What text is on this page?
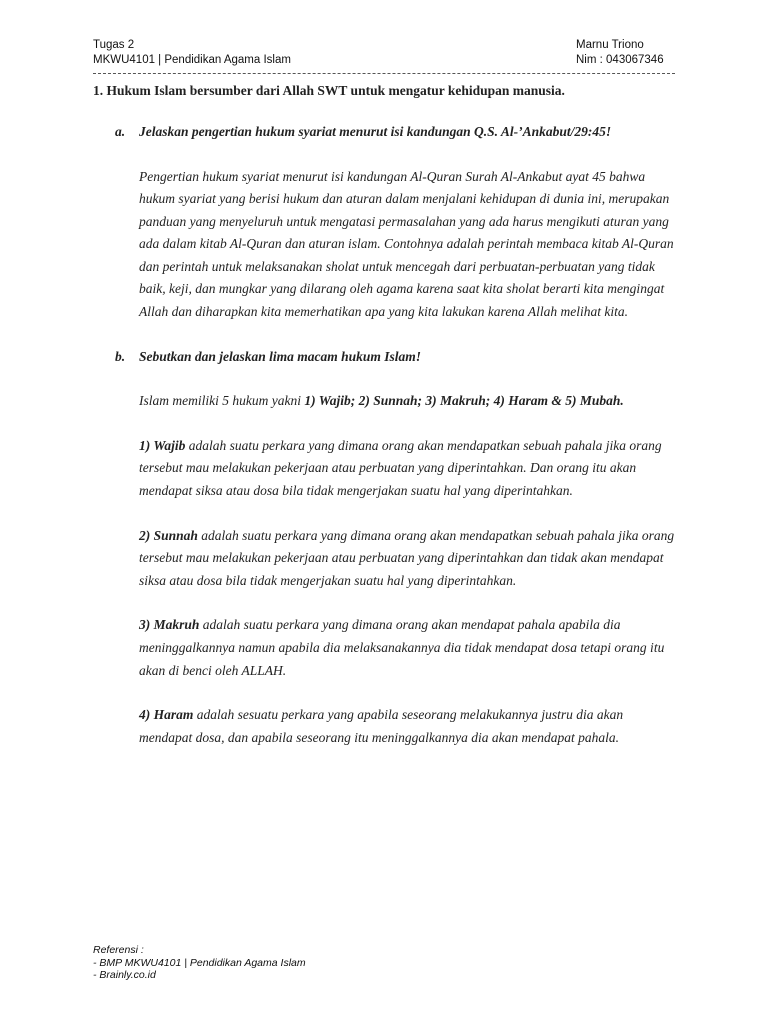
Tugas 2	Marnu Triono
MKWU4101 | Pendidikan Agama Islam	Nim : 043067346
1. Hukum Islam bersumber dari Allah SWT untuk mengatur kehidupan manusia.
a. Jelaskan pengertian hukum syariat menurut isi kandungan Q.S. Al-’Ankabut/29:45!
Pengertian hukum syariat menurut isi kandungan Al-Quran Surah Al-Ankabut ayat 45 bahwa hukum syariat yang berisi hukum dan aturan dalam menjalani kehidupan di dunia ini, merupakan panduan yang menyeluruh untuk mengatasi permasalahan yang ada harus mengikuti aturan yang ada dalam kitab Al-Quran dan aturan islam. Contohnya adalah perintah membaca kitab Al-Quran dan perintah untuk melaksanakan sholat untuk mencegah dari perbuatan-perbuatan yang tidak baik, keji, dan mungkar yang dilarang oleh agama karena saat kita sholat berarti kita mengingat Allah dan diharapkan kita memerhatikan apa yang kita lakukan karena Allah melihat kita.
b. Sebutkan dan jelaskan lima macam hukum Islam!
Islam memiliki 5 hukum yakni 1) Wajib; 2) Sunnah; 3) Makruh; 4) Haram & 5) Mubah.
1) Wajib adalah suatu perkara yang dimana orang akan mendapatkan sebuah pahala jika orang tersebut mau melakukan pekerjaan atau perbuatan yang diperintahkan. Dan orang itu akan mendapat siksa atau dosa bila tidak mengerjakan suatu hal yang diperintahkan.
2) Sunnah adalah suatu perkara yang dimana orang akan mendapatkan sebuah pahala jika orang tersebut mau melakukan pekerjaan atau perbuatan yang diperintahkan dan tidak akan mendapat siksa atau dosa bila tidak mengerjakan suatu hal yang diperintahkan.
3) Makruh adalah suatu perkara yang dimana orang akan mendapat pahala apabila dia meninggalkannya namun apabila dia melaksanakannya dia tidak mendapat dosa tetapi orang itu akan di benci oleh ALLAH.
4) Haram adalah sesuatu perkara yang apabila seseorang melakukannya justru dia akan mendapat dosa, dan apabila seseorang itu meninggalkannya dia akan mendapat pahala.
Referensi :
- BMP MKWU4101 | Pendidikan Agama Islam
- Brainly.co.id
